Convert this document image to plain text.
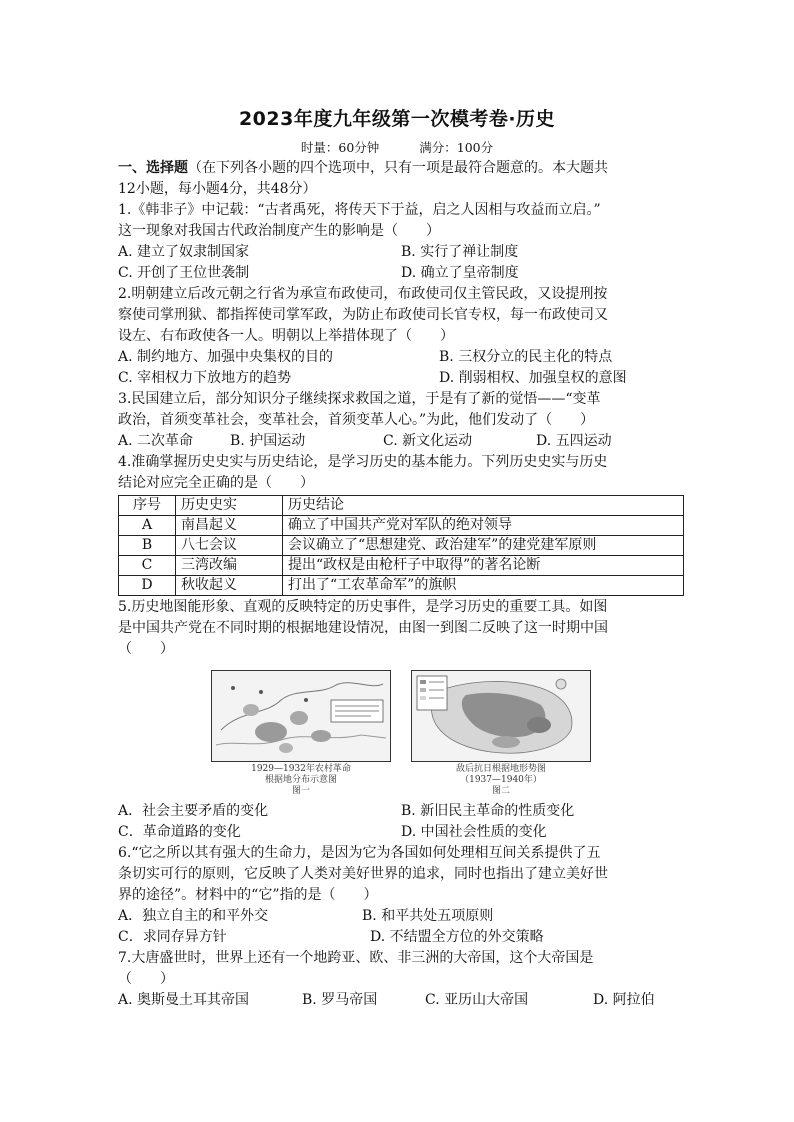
2023年度九年级第一次模考卷·历史
时量：60分钟	满分：100分
一、选择题（在下列各小题的四个选项中，只有一项是最符合题意的。本大题共
12小题，每小题4分，共48分）
1.《韩非子》中记载：“古者禹死，将传天下于益，启之人因相与攻益而立启。”
这一现象对我国古代政治制度产生的影响是（　　）
A. 建立了奴隶制国家	B. 实行了禅让制度
C. 开创了王位世袭制	D. 确立了皇帝制度
2.明朝建立后改元朝之行省为承宣布政使司，布政使司仅主管民政，又设提刑按
察使司掌刑狱、都指挥使司掌军政，为防止布政使司长官专权，每一布政使司又
设左、右布政使各一人。明朝以上举措体现了（　　）
A. 制约地方、加强中央集权的目的	B. 三权分立的民主化的特点
C. 宰相权力下放地方的趋势	D. 削弱相权、加强皇权的意图
3.民国建立后，部分知识分子继续探求救国之道，于是有了新的觉悟——“变革
政治，首须变革社会，变革社会，首须变革人心。”为此，他们发动了（　　）
A. 二次革命	B. 护国运动	C. 新文化运动	D. 五四运动
4.准确掌握历史史实与历史结论，是学习历史的基本能力。下列历史史实与历史
结论对应完全正确的是（　　）
序号	历史史实	历史结论
A	南昌起义	确立了中国共产党对军队的绝对领导
B	八七会议	会议确立了“思想建党、政治建军”的建党建军原则
C	三湾改编	提出“政权是由枪杆子中取得”的著名论断
D	秋收起义	打出了“工农革命军”的旗帜
5.历史地图能形象、直观的反映特定的历史事件，是学习历史的重要工具。如图
是中国共产党在不同时期的根据地建设情况，由图一到图二反映了这一时期中国
（　　）
1929—1932年农村革命
根据地分布示意图
图一
敌后抗日根据地形势图
（1937—1940年）
图二
A．社会主要矛盾的变化	B. 新旧民主革命的性质变化
C．革命道路的变化	D. 中国社会性质的变化
6.“它之所以其有强大的生命力，是因为它为各国如何处理相互间关系提供了五
条切实可行的原则，它反映了人类对美好世界的追求，同时也指出了建立美好世
界的途径”。材料中的“它”指的是（　　）
A．独立自主的和平外交	B. 和平共处五项原则
C．求同存异方针	D. 不结盟全方位的外交策略
7.大唐盛世时，世界上还有一个地跨亚、欧、非三洲的大帝国，这个大帝国是
（　　）
A. 奥斯曼土耳其帝国	B. 罗马帝国	C. 亚历山大帝国	D. 阿拉伯
